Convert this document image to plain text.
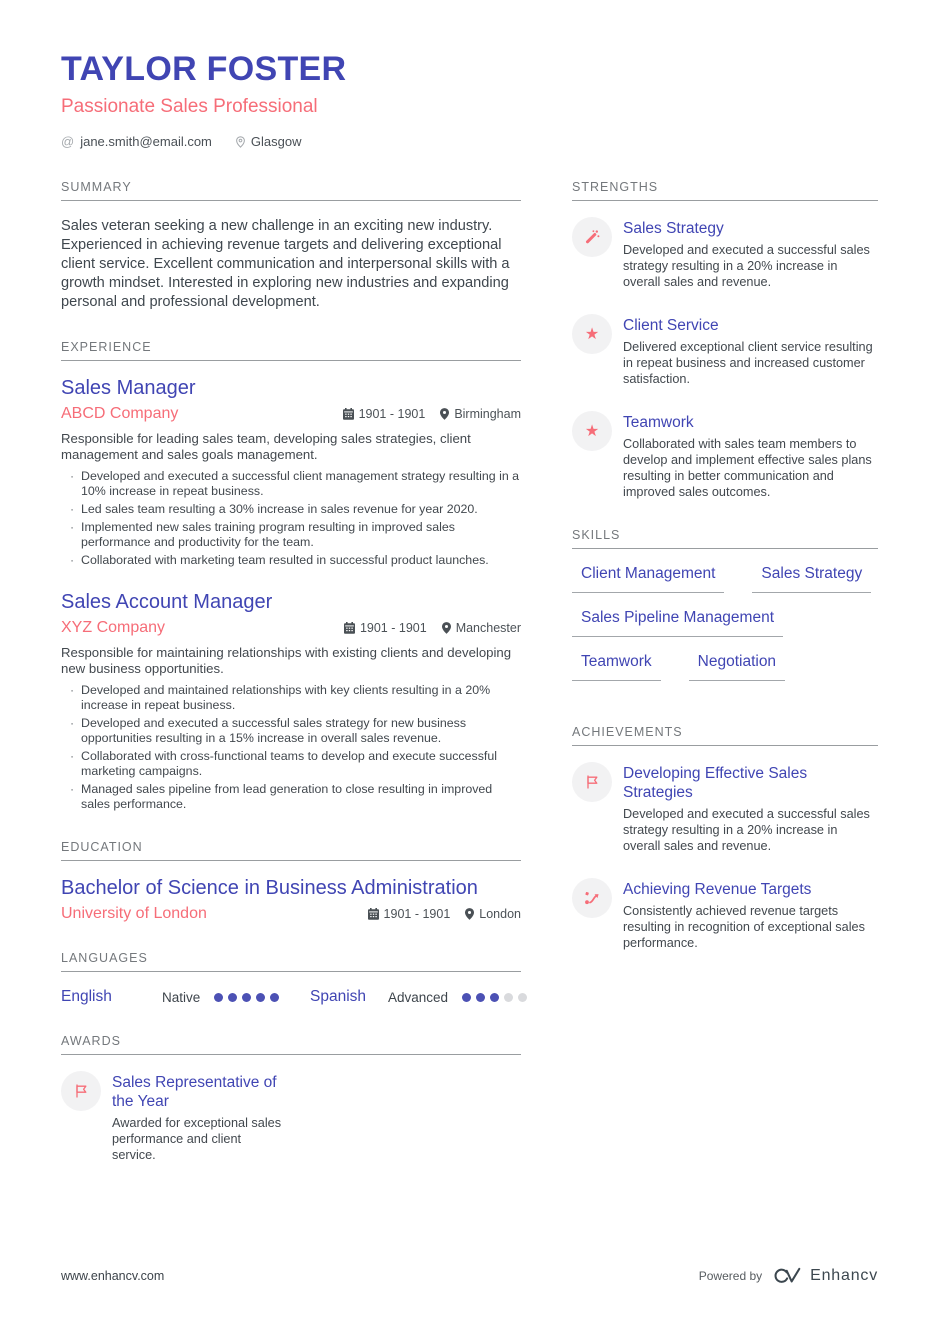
TAYLOR FOSTER
Passionate Sales Professional
@ jane.smith@email.com	Glasgow
SUMMARY

Sales veteran seeking a new challenge in an exciting new industry. Experienced in achieving revenue targets and delivering exceptional client service. Excellent communication and interpersonal skills with a growth mindset. Interested in exploring new industries and expanding personal and professional development.

EXPERIENCE
Sales Manager
ABCD Company	1901 - 1901 Birmingham
Responsible for leading sales team, developing sales strategies, client management and sales goals management.
· Developed and executed a successful client management strategy resulting in a 10% increase in repeat business.
· Led sales team resulting a 30% increase in sales revenue for year 2020.
· Implemented new sales training program resulting in improved sales performance and productivity for the team.
· Collaborated with marketing team resulted in successful product launches.
Sales Account Manager
XYZ Company	1901 - 1901 Manchester
Responsible for maintaining relationships with existing clients and developing new business opportunities.
· Developed and maintained relationships with key clients resulting in a 20% increase in repeat business.
· Developed and executed a successful sales strategy for new business opportunities resulting in a 15% increase in overall sales revenue.
· Collaborated with cross-functional teams to develop and execute successful marketing campaigns.
· Managed sales pipeline from lead generation to close resulting in improved sales performance.
EDUCATION
Bachelor of Science in Business Administration
University of London	1901 - 1901 London
LANGUAGES
English	Native	Spanish	Advanced
AWARDS
Sales Representative of the Year
Awarded for exceptional sales performance and client service.
STRENGTHS
Sales Strategy
Developed and executed a successful sales strategy resulting in a 20% increase in overall sales and revenue.
★ Client Service
Delivered exceptional client service resulting in repeat business and increased customer satisfaction.
★ Teamwork
Collaborated with sales team members to develop and implement effective sales plans resulting in better communication and improved sales outcomes.
SKILLS
Client Management	Sales Strategy
Sales Pipeline Management
Teamwork	Negotiation
ACHIEVEMENTS
Developing Effective Sales Strategies
Developed and executed a successful sales strategy resulting in a 20% increase in overall sales and revenue.
Achieving Revenue Targets
Consistently achieved revenue targets resulting in recognition of exceptional sales performance.
www.enhancv.com	Powered by	Enhancv
